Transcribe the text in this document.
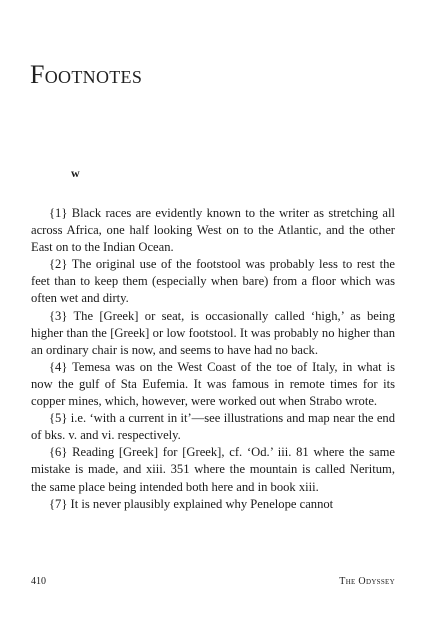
Footnotes
w

{1} Black races are evidently known to the writer as stretching all across Africa, one half looking West on to the Atlantic, and the other East on to the Indian Ocean.

{2} The original use of the footstool was probably less to rest the feet than to keep them (especially when bare) from a floor which was often wet and dirty.

{3} The [Greek] or seat, is occasionally called ‘high,’ as being higher than the [Greek] or low footstool. It was probably no higher than an ordinary chair is now, and seems to have had no back.

{4} Temesa was on the West Coast of the toe of Italy, in what is now the gulf of Sta Eufemia. It was famous in remote times for its copper mines, which, however, were worked out when Strabo wrote.

{5} i.e. ‘with a current in it’—see illustrations and map near the end of bks. v. and vi. respectively.

{6} Reading [Greek] for [Greek], cf. ‘Od.’ iii. 81 where the same mistake is made, and xiii. 351 where the mountain is called Neritum, the same place being intended both here and in book xiii.

{7} It is never plausibly explained why Penelope cannot

410	The Odyssey
